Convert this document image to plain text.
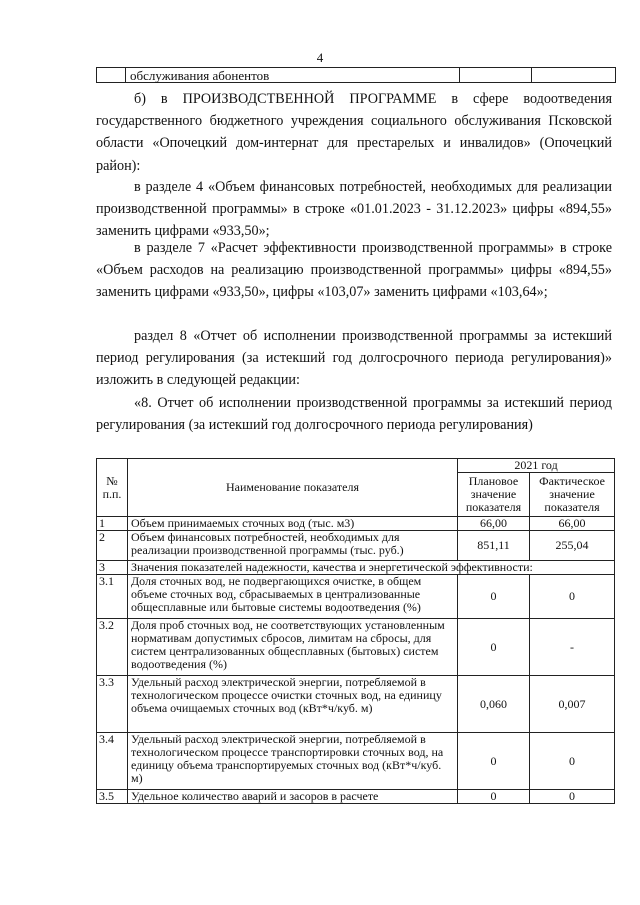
4
обслуживания абонентов
б) в ПРОИЗВОДСТВЕННОЙ ПРОГРАММЕ в сфере водоотведения государственного бюджетного учреждения социального обслуживания Псковской области «Опочецкий дом-интернат для престарелых и инвалидов» (Опочецкий район):
в разделе 4 «Объем финансовых потребностей, необходимых для реализации производственной программы» в строке «01.01.2023 - 31.12.2023» цифры «894,55» заменить цифрами «933,50»;
в разделе 7 «Расчет эффективности производственной программы» в строке «Объем расходов на реализацию производственной программы» цифры «894,55» заменить цифрами «933,50», цифры «103,07» заменить цифрами «103,64»;
раздел 8 «Отчет об исполнении производственной программы за истекший период регулирования (за истекший год долгосрочного периода регулирования)» изложить в следующей редакции:
«8. Отчет об исполнении производственной программы за истекший период регулирования (за истекший год долгосрочного периода регулирования)
№ п.п.	Наименование показателя	2021 год	
		Плановое значение показателя	Фактическое значение показателя
1	Объем принимаемых сточных вод (тыс. м3)	66,00	66,00
2	Объем финансовых потребностей, необходимых для реализации производственной программы (тыс. руб.)	851,11	255,04
3	Значения показателей надежности, качества и энергетической эффективности:		
3.1	Доля сточных вод, не подвергающихся очистке, в общем объеме сточных вод, сбрасываемых в централизованные общесплавные или бытовые системы водоотведения (%)	0	0
3.2	Доля проб сточных вод, не соответствующих установленным нормативам допустимых сбросов, лимитам на сбросы, для систем централизованных общесплавных (бытовых) систем водоотведения (%)	0	-
3.3	Удельный расход электрической энергии, потребляемой в технологическом процессе очистки сточных вод, на единицу объема очищаемых сточных вод (кВт*ч/куб. м)	0,060	0,007
3.4	Удельный расход электрической энергии, потребляемой в технологическом процессе транспортировки сточных вод, на единицу объема транспортируемых сточных вод (кВт*ч/куб. м)	0	0
3.5	Удельное количество аварий и засоров в расчете	0	0
